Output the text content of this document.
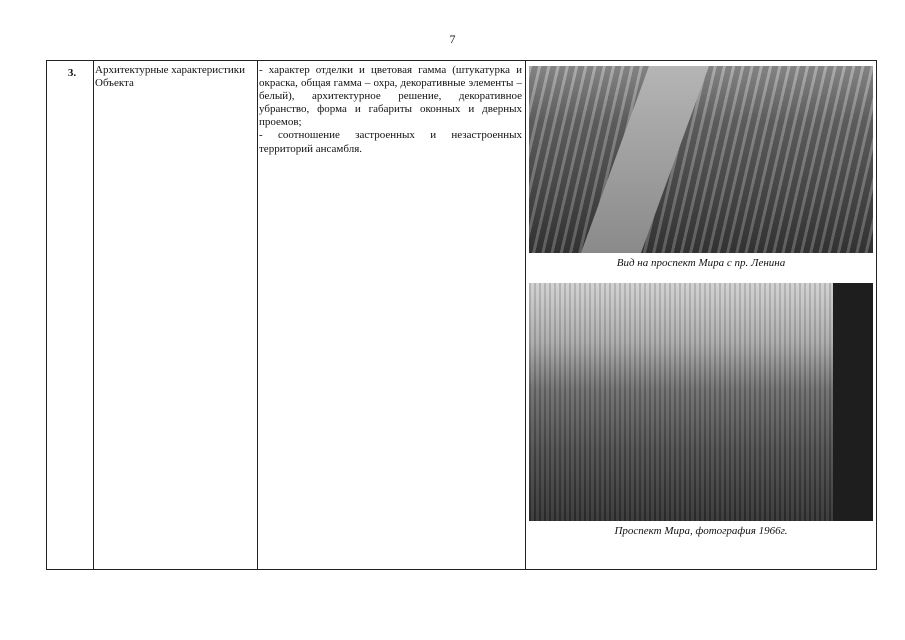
7
3.	Архитектурные характеристики Объекта
- характер отделки и цветовая гамма (штукатурка и окраска, общая гамма – охра, декоративные элементы – белый), архитектурное решение, декоративное убранство, форма и габариты оконных и дверных проемов;
- соотношение застроенных и незастроенных территорий ансамбля.
Вид на проспект Мира с пр. Ленина
Проспект Мира, фотография 1966г.
